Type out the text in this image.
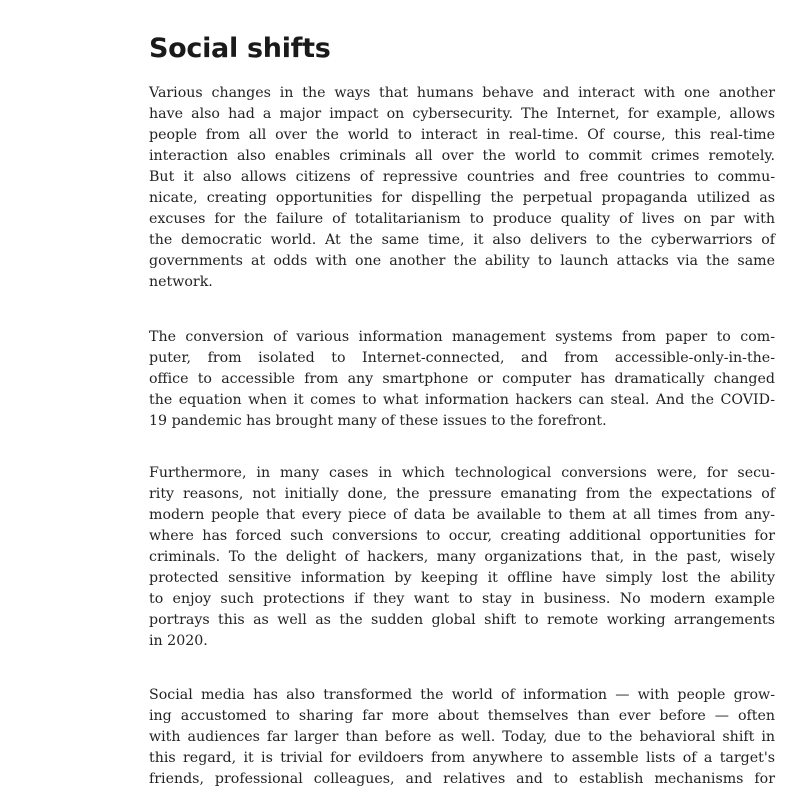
Social shifts
Various changes in the ways that humans behave and interact with one another
have also had a major impact on cybersecurity. The Internet, for example, allows
people from all over the world to interact in real-time. Of course, this real-time
interaction also enables criminals all over the world to commit crimes remotely.
But it also allows citizens of repressive countries and free countries to commu-
nicate, creating opportunities for dispelling the perpetual propaganda utilized as
excuses for the failure of totalitarianism to produce quality of lives on par with
the democratic world. At the same time, it also delivers to the cyberwarriors of
governments at odds with one another the ability to launch attacks via the same
network.
The conversion of various information management systems from paper to com-
puter, from isolated to Internet-connected, and from accessible-only-in-the-
office to accessible from any smartphone or computer has dramatically changed
the equation when it comes to what information hackers can steal. And the COVID-
19 pandemic has brought many of these issues to the forefront.
Furthermore, in many cases in which technological conversions were, for secu-
rity reasons, not initially done, the pressure emanating from the expectations of
modern people that every piece of data be available to them at all times from any-
where has forced such conversions to occur, creating additional opportunities for
criminals. To the delight of hackers, many organizations that, in the past, wisely
protected sensitive information by keeping it offline have simply lost the ability
to enjoy such protections if they want to stay in business. No modern example
portrays this as well as the sudden global shift to remote working arrangements
in 2020.
Social media has also transformed the world of information — with people grow-
ing accustomed to sharing far more about themselves than ever before — often
with audiences far larger than before as well. Today, due to the behavioral shift in
this regard, it is trivial for evildoers from anywhere to assemble lists of a target's
friends, professional colleagues, and relatives and to establish mechanisms for
